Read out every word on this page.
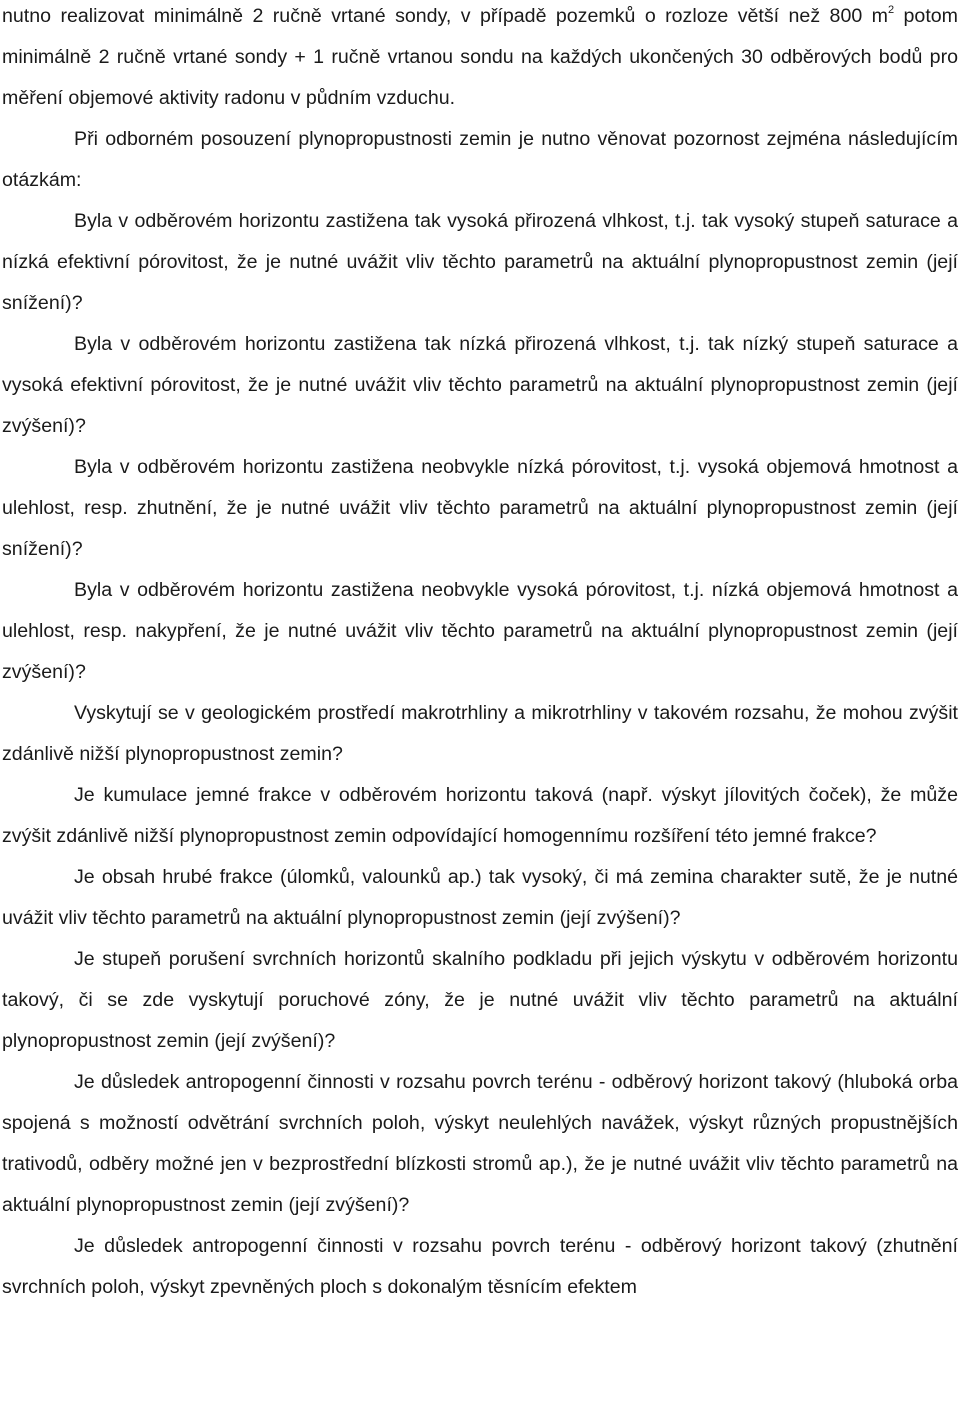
nutno realizovat minimálně 2 ručně vrtané sondy, v případě pozemků o rozloze větší než 800 $m^2$ potom minimálně 2 ručně vrtané sondy + 1 ručně vrtanou sondu na každých ukončených 30 odběrových bodů pro měření objemové aktivity radonu v půdním vzduchu.

Při odborném posouzení plynopropustnosti zemin je nutno věnovat pozornost zejména následujícím otázkám:

Byla v odběrovém horizontu zastižena tak vysoká přirozená vlhkost, t.j. tak vysoký stupeň saturace a nízká efektivní pórovitost, že je nutné uvážit vliv těchto parametrů na aktuální plynopropustnost zemin (její snížení)?

Byla v odběrovém horizontu zastižena tak nízká přirozená vlhkost, t.j. tak nízký stupeň saturace a vysoká efektivní pórovitost, že je nutné uvážit vliv těchto parametrů na aktuální plynopropustnost zemin (její zvýšení)?

Byla v odběrovém horizontu zastižena neobvykle nízká pórovitost, t.j. vysoká objemová hmotnost a ulehlost, resp. zhutnění, že je nutné uvážit vliv těchto parametrů na aktuální plynopropustnost zemin (její snížení)?

Byla v odběrovém horizontu zastižena neobvykle vysoká pórovitost, t.j. nízká objemová hmotnost a ulehlost, resp. nakypření, že je nutné uvážit vliv těchto parametrů na aktuální plynopropustnost zemin (její zvýšení)?

Vyskytují se v geologickém prostředí makrotrhliny a mikrotrhliny v takovém rozsahu, že mohou zvýšit zdánlivě nižší plynopropustnost zemin?

Je kumulace jemné frakce v odběrovém horizontu taková (např. výskyt jílovitých čoček), že může zvýšit zdánlivě nižší plynopropustnost zemin odpovídající homogennímu rozšíření této jemné frakce?

Je obsah hrubé frakce (úlomků, valounků ap.) tak vysoký, či má zemina charakter sutě, že je nutné uvážit vliv těchto parametrů na aktuální plynopropustnost zemin (její zvýšení)?

Je stupeň porušení svrchních horizontů skalního podkladu při jejich výskytu v odběrovém horizontu takový, či se zde vyskytují poruchové zóny, že je nutné uvážit vliv těchto parametrů na aktuální plynopropustnost zemin (její zvýšení)?

Je důsledek antropogenní činnosti v rozsahu povrch terénu - odběrový horizont takový (hluboká orba spojená s možností odvětrání svrchních poloh, výskyt neulehlých navážek, výskyt různých propustnějších trativodů, odběry možné jen v bezprostřední blízkosti stromů ap.), že je nutné uvážit vliv těchto parametrů na aktuální plynopropustnost zemin (její zvýšení)?

Je důsledek antropogenní činnosti v rozsahu povrch terénu - odběrový horizont takový (zhutnění svrchních poloh, výskyt zpevněných ploch s dokonalým těsnícím efektem
